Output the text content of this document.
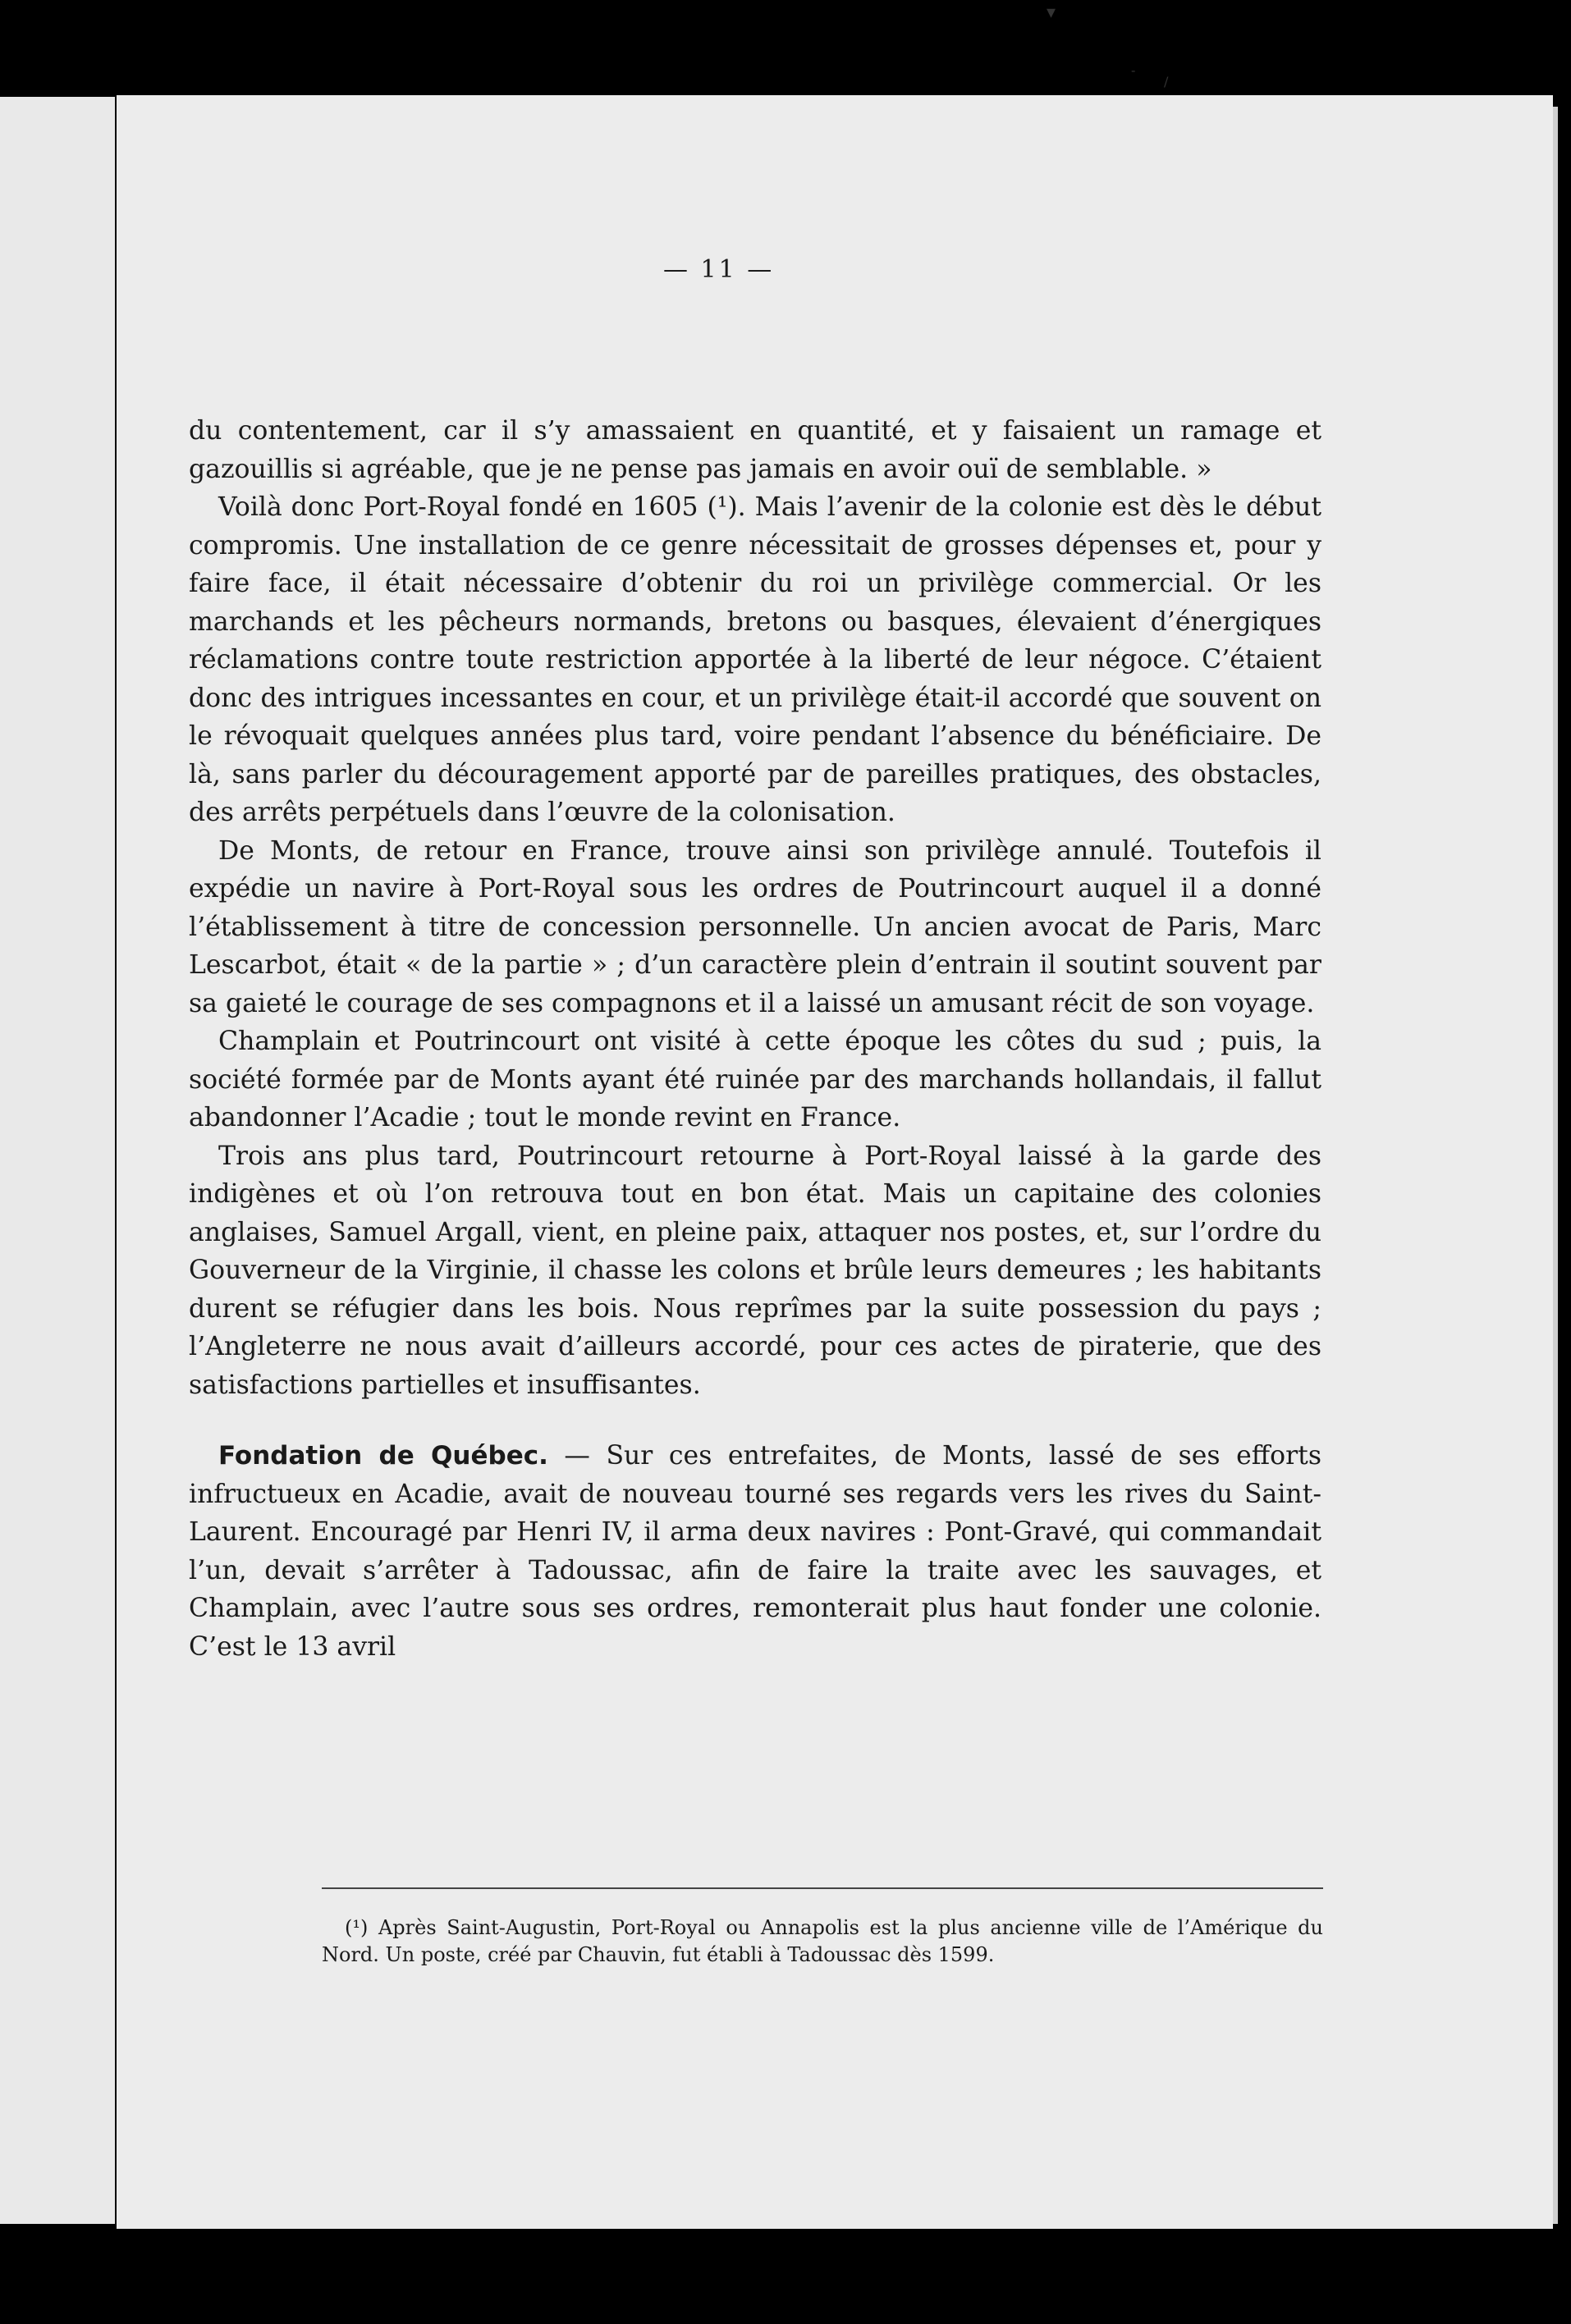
▾
-
/
— 11 —

du contentement, car il s’y amassaient en quantité, et y faisaient un ramage et gazouillis si agréable, que je ne pense pas jamais en avoir ouï de semblable. »

Voilà donc Port-Royal fondé en 1605 (¹). Mais l’avenir de la colonie est dès le début compromis. Une installation de ce genre nécessitait de grosses dépenses et, pour y faire face, il était nécessaire d’obtenir du roi un privilège commercial. Or les marchands et les pêcheurs normands, bretons ou basques, élevaient d’énergiques réclamations contre toute restriction apportée à la liberté de leur négoce. C’étaient donc des intrigues incessantes en cour, et un privilège était-il accordé que souvent on le révoquait quelques années plus tard, voire pendant l’absence du bénéficiaire. De là, sans parler du découragement apporté par de pareilles pratiques, des obstacles, des arrêts perpétuels dans l’œuvre de la colonisation.

De Monts, de retour en France, trouve ainsi son privilège annulé. Toutefois il expédie un navire à Port-Royal sous les ordres de Poutrincourt auquel il a donné l’établissement à titre de concession personnelle. Un ancien avocat de Paris, Marc Lescarbot, était « de la partie » ; d’un caractère plein d’entrain il soutint souvent par sa gaieté le courage de ses compagnons et il a laissé un amusant récit de son voyage.

Champlain et Poutrincourt ont visité à cette époque les côtes du sud ; puis, la société formée par de Monts ayant été ruinée par des marchands hollandais, il fallut abandonner l’Acadie ; tout le monde revint en France.

Trois ans plus tard, Poutrincourt retourne à Port-Royal laissé à la garde des indigènes et où l’on retrouva tout en bon état. Mais un capitaine des colonies anglaises, Samuel Argall, vient, en pleine paix, attaquer nos postes, et, sur l’ordre du Gouverneur de la Virginie, il chasse les colons et brûle leurs demeures ; les habitants durent se réfugier dans les bois. Nous reprîmes par la suite possession du pays ; l’Angleterre ne nous avait d’ailleurs accordé, pour ces actes de piraterie, que des satisfactions partielles et insuffisantes.

Fondation de Québec. — Sur ces entrefaites, de Monts, lassé de ses efforts infructueux en Acadie, avait de nouveau tourné ses regards vers les rives du Saint-Laurent. Encouragé par Henri IV, il arma deux navires : Pont-Gravé, qui commandait l’un, devait s’arrêter à Tadoussac, afin de faire la traite avec les sauvages, et Champlain, avec l’autre sous ses ordres, remonterait plus haut fonder une colonie. C’est le 13 avril

(¹) Après Saint-Augustin, Port-Royal ou Annapolis est la plus ancienne ville de l’Amérique du Nord. Un poste, créé par Chauvin, fut établi à Tadoussac dès 1599.
